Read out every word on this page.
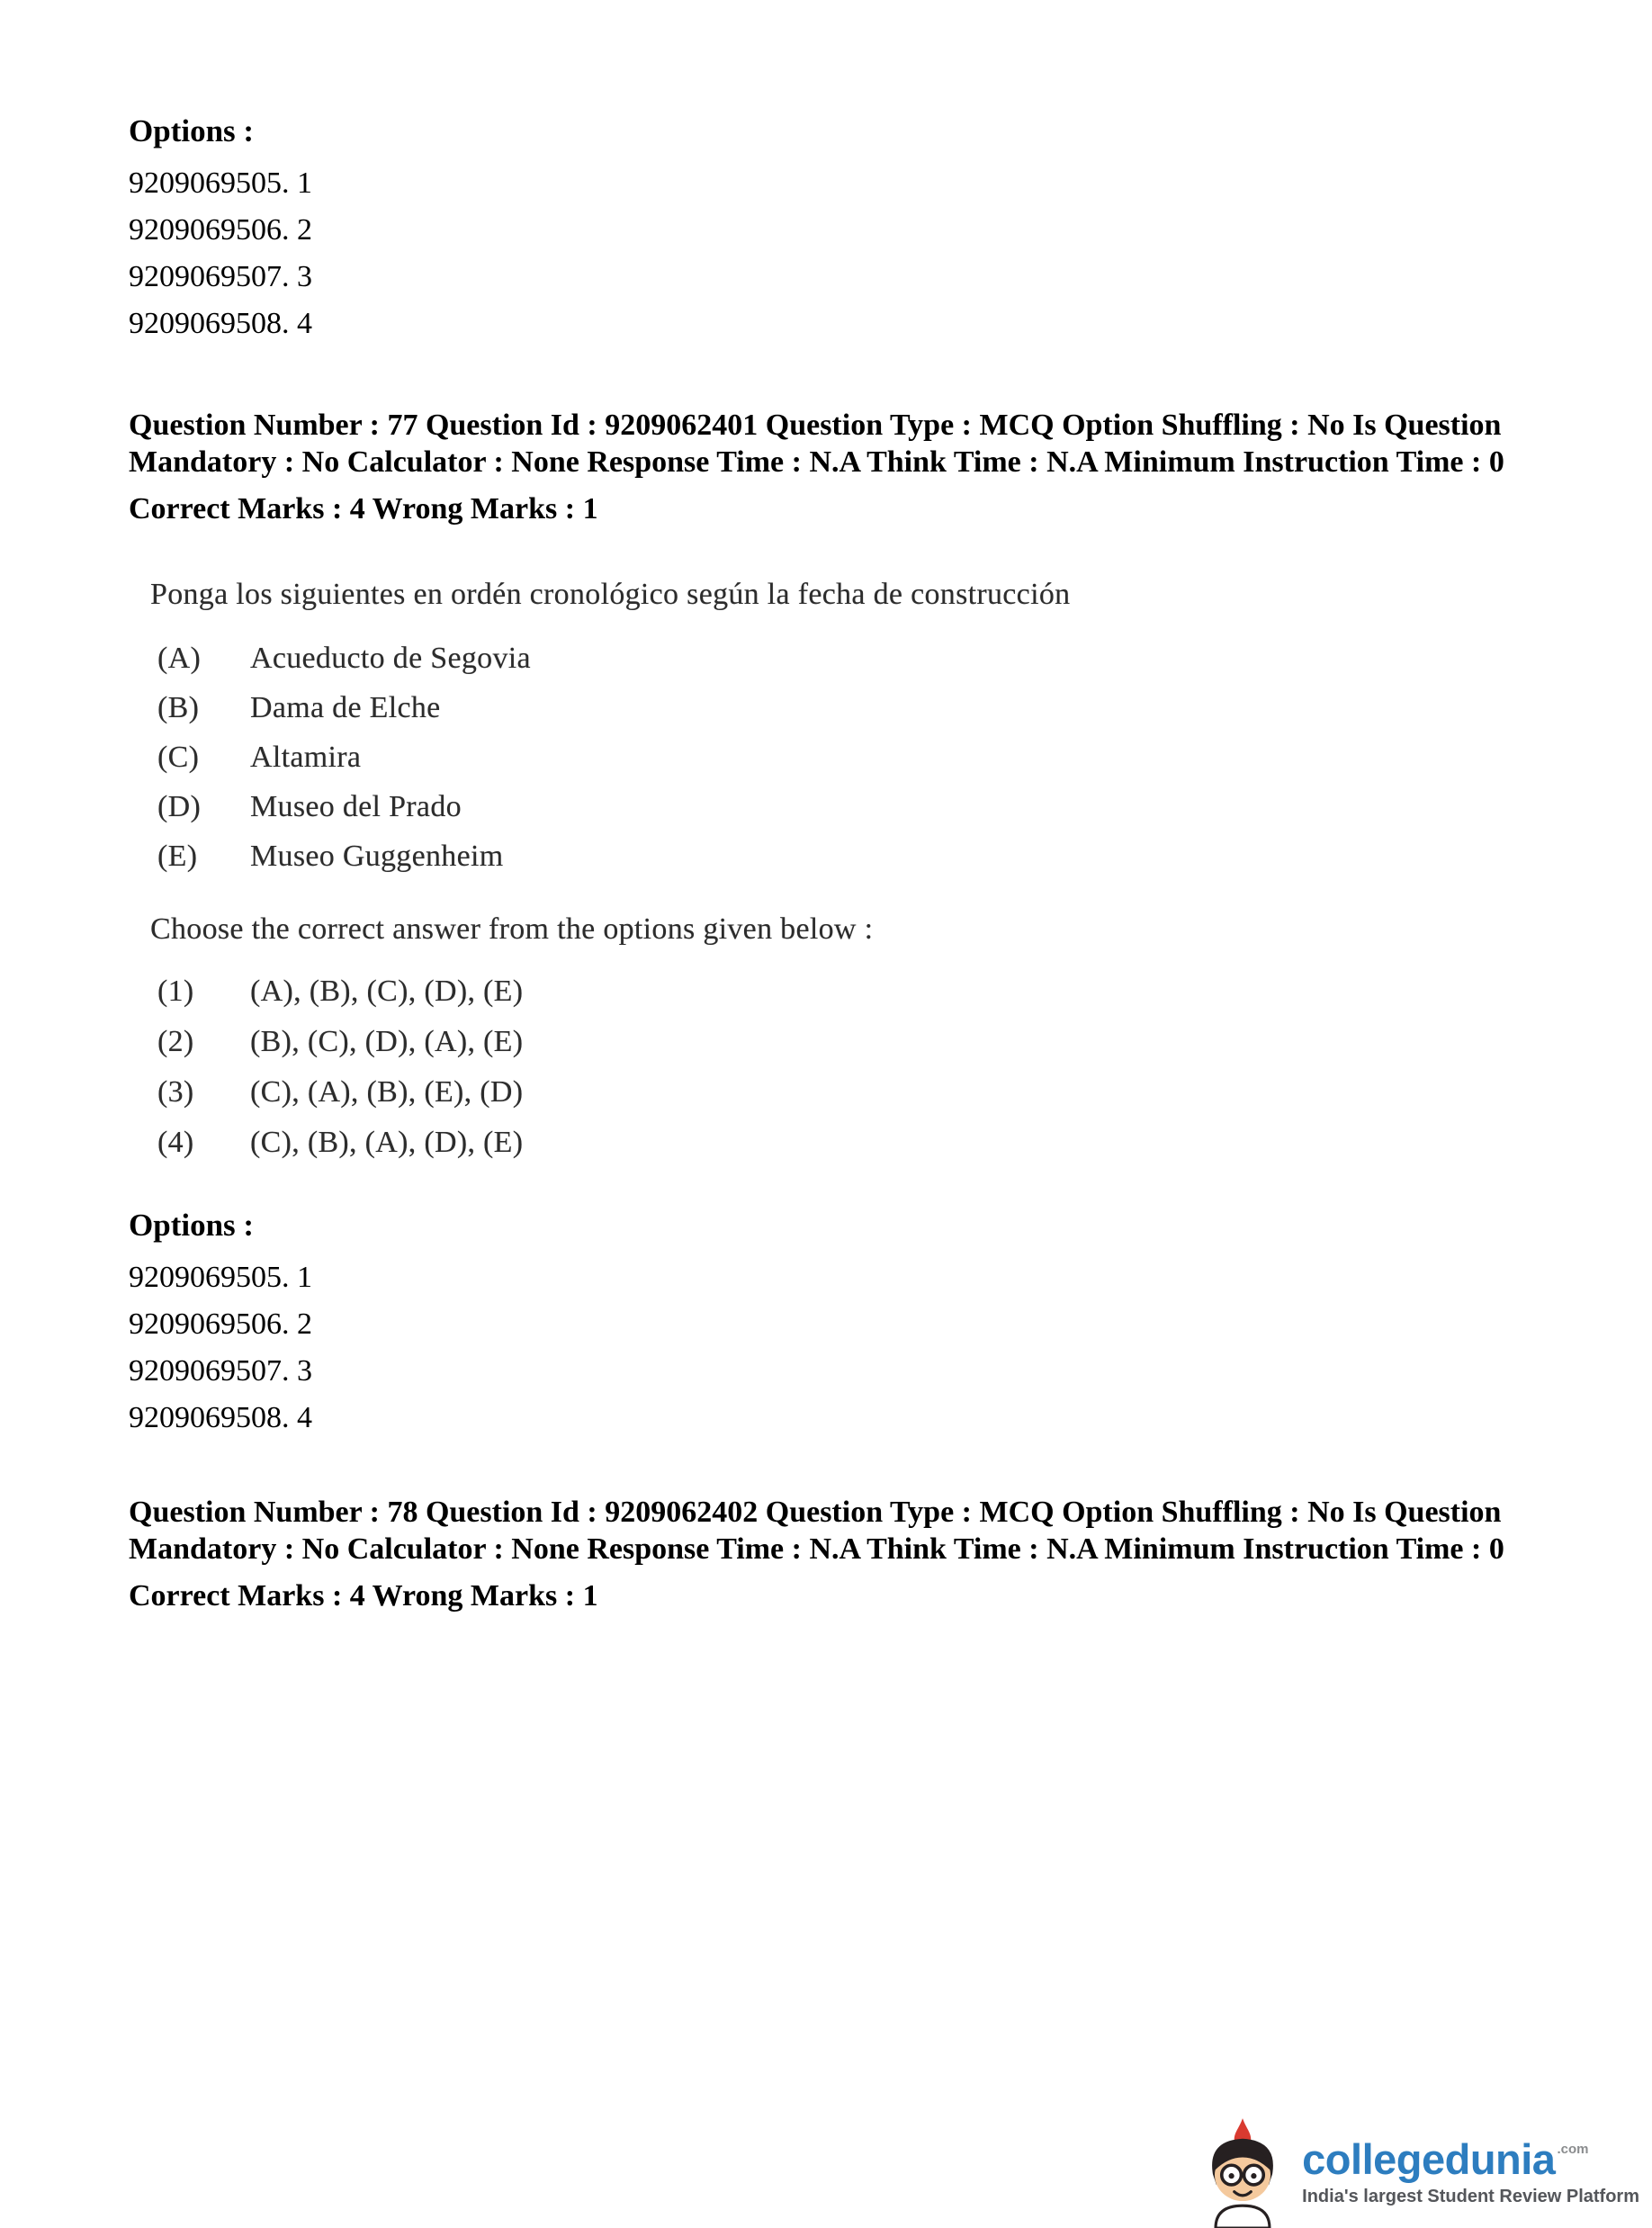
Options :

9209069505. 1

9209069506. 2

9209069507. 3

9209069508. 4

Question Number : 77 Question Id : 9209062401 Question Type : MCQ Option Shuffling : No Is Question Mandatory : No Calculator : None Response Time : N.A Think Time : N.A Minimum Instruction Time : 0

Correct Marks : 4 Wrong Marks : 1

Ponga los siguientes en ordén cronológico según la fecha de construcción

(A)	Acueducto de Segovia
(B)	Dama de Elche
(C)	Altamira
(D)	Museo del Prado
(E)	Museo Guggenheim

Choose the correct answer from the options given below :

(1)	(A), (B), (C), (D), (E)
(2)	(B), (C), (D), (A), (E)
(3)	(C), (A), (B), (E), (D)
(4)	(C), (B), (A), (D), (E)

Options :

9209069505. 1

9209069506. 2

9209069507. 3

9209069508. 4

Question Number : 78 Question Id : 9209062402 Question Type : MCQ Option Shuffling : No Is Question Mandatory : No Calculator : None Response Time : N.A Think Time : N.A Minimum Instruction Time : 0

Correct Marks : 4 Wrong Marks : 1

collegedunia .com
India's largest Student Review Platform
